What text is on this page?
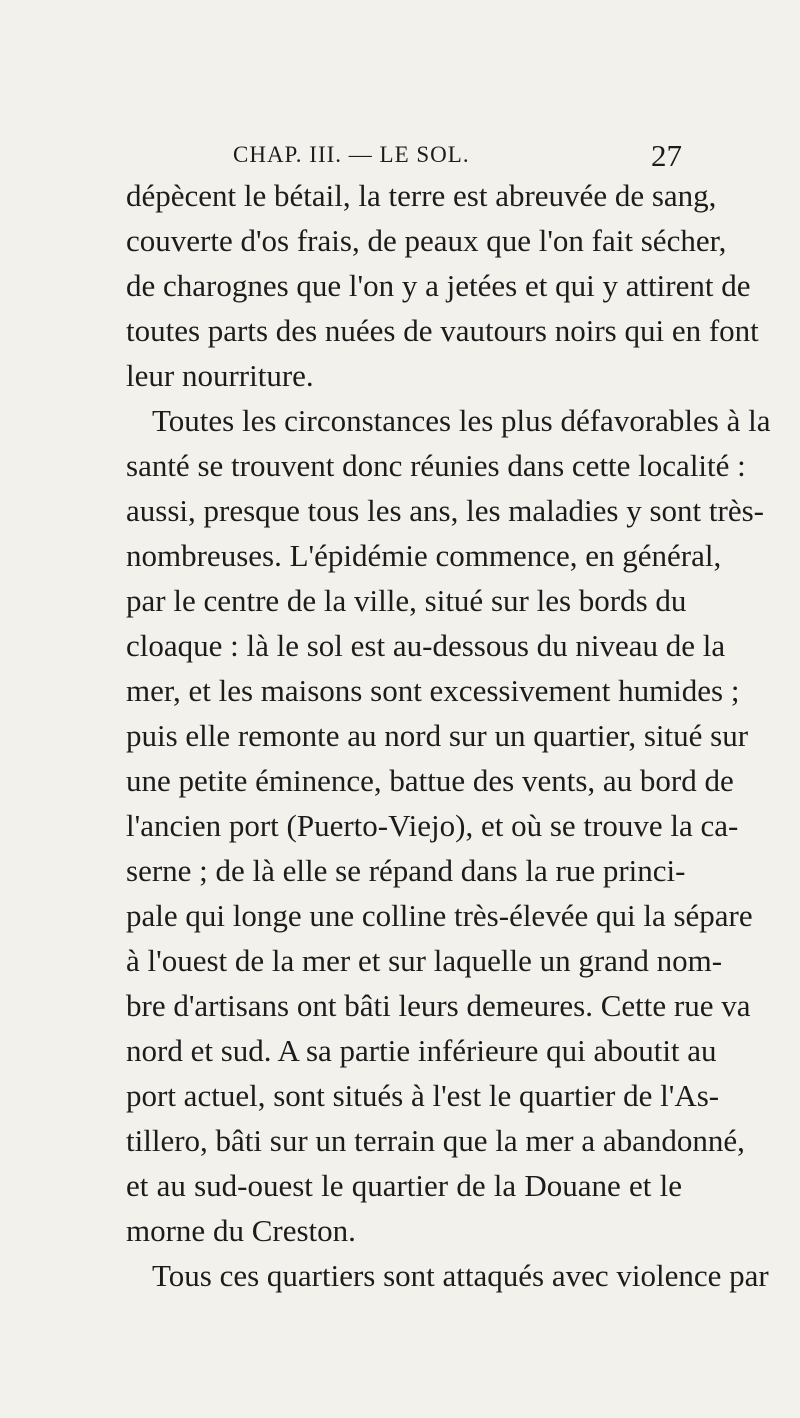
CHAP. III. — LE SOL.	27
dépècent le bétail, la terre est abreuvée de sang,
couverte d'os frais, de peaux que l'on fait sécher,
de charognes que l'on y a jetées et qui y attirent de
toutes parts des nuées de vautours noirs qui en font
leur nourriture.
Toutes les circonstances les plus défavorables à la
santé se trouvent donc réunies dans cette localité :
aussi, presque tous les ans, les maladies y sont très-
nombreuses. L'épidémie commence, en général,
par le centre de la ville, situé sur les bords du
cloaque : là le sol est au-dessous du niveau de la
mer, et les maisons sont excessivement humides ;
puis elle remonte au nord sur un quartier, situé sur
une petite éminence, battue des vents, au bord de
l'ancien port (Puerto-Viejo), et où se trouve la ca-
serne ; de là elle se répand dans la rue princi-
pale qui longe une colline très-élevée qui la sépare
à l'ouest de la mer et sur laquelle un grand nom-
bre d'artisans ont bâti leurs demeures. Cette rue va
nord et sud. A sa partie inférieure qui aboutit au
port actuel, sont situés à l'est le quartier de l'As-
tillero, bâti sur un terrain que la mer a abandonné,
et au sud-ouest le quartier de la Douane et le
morne du Creston.
Tous ces quartiers sont attaqués avec violence par
